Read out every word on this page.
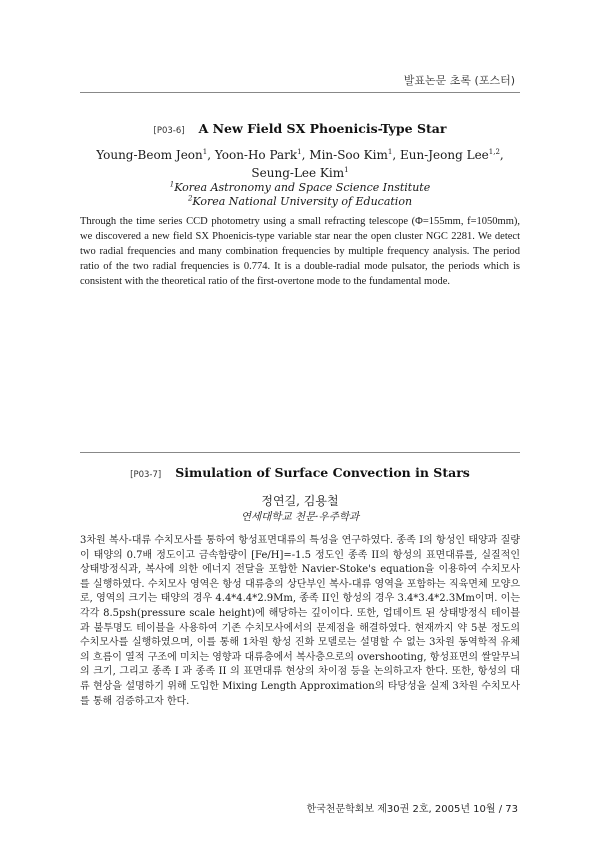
발표논문 초록 (포스터)
[P03-6] A New Field SX Phoenicis-Type Star
Young-Beom Jeon$^1$, Yoon-Ho Park$^1$, Min-Soo Kim$^1$, Eun-Jeong Lee$^{1,2}$,
Seung-Lee Kim$^1$
$^1$Korea Astronomy and Space Science Institute
$^2$Korea National University of Education

Through the time series CCD photometry using a small refracting telescope (Φ=155mm, f=1050mm), we discovered a new field SX Phoenicis-type variable star near the open cluster NGC 2281. We detect two radial frequencies and many combination frequencies by multiple frequency analysis. The period ratio of the two radial frequencies is 0.774. It is a double-radial mode pulsator, the periods which is consistent with the theoretical ratio of the first-overtone mode to the fundamental mode.

[P03-7] Simulation of Surface Convection in Stars
정연길, 김용철
연세대학교 천문·우주학과

3차원 복사-대류 수치모사를 통하여 항성표면대류의 특성을 연구하였다. 종족 I의 항성인 태양과 질량이 태양의 0.7배 정도이고 금속함량이 [Fe/H]=-1.5 정도인 종족 II의 항성의 표면대류를, 실질적인 상태방정식과, 복사에 의한 에너지 전달을 포함한 Navier-Stoke's equation을 이용하여 수치모사를 실행하였다. 수치모사 영역은 항성 대류층의 상단부인 복사-대류 영역을 포함하는 직육면체 모양으로, 영역의 크기는 태양의 경우 4.4*4.4*2.9Mm, 종족 II인 항성의 경우 3.4*3.4*2.3Mm이며. 이는 각각 8.5psh(pressure scale height)에 해당하는 깊이이다. 또한, 업데이트 된 상태방정식 테이블과 불투명도 테이블을 사용하여 기존 수치모사에서의 문제점을 해결하였다. 현재까지 약 5분 정도의 수치모사를 실행하였으며, 이를 통해 1차원 항성 진화 모델로는 설명할 수 없는 3차원 동역학적 유체의 흐름이 열적 구조에 미치는 영향과 대류층에서 복사층으로의 overshooting, 항성표면의 쌀알무늬의 크기, 그리고 종족 I 과 종족 II 의 표면대류 현상의 차이점 등을 논의하고자 한다. 또한, 항성의 대류 현상을 설명하기 위해 도입한 Mixing Length Approximation의 타당성을 실제 3차원 수치모사를 통해 검증하고자 한다.

한국천문학회보 제30권 2호, 2005년 10월 / 73
